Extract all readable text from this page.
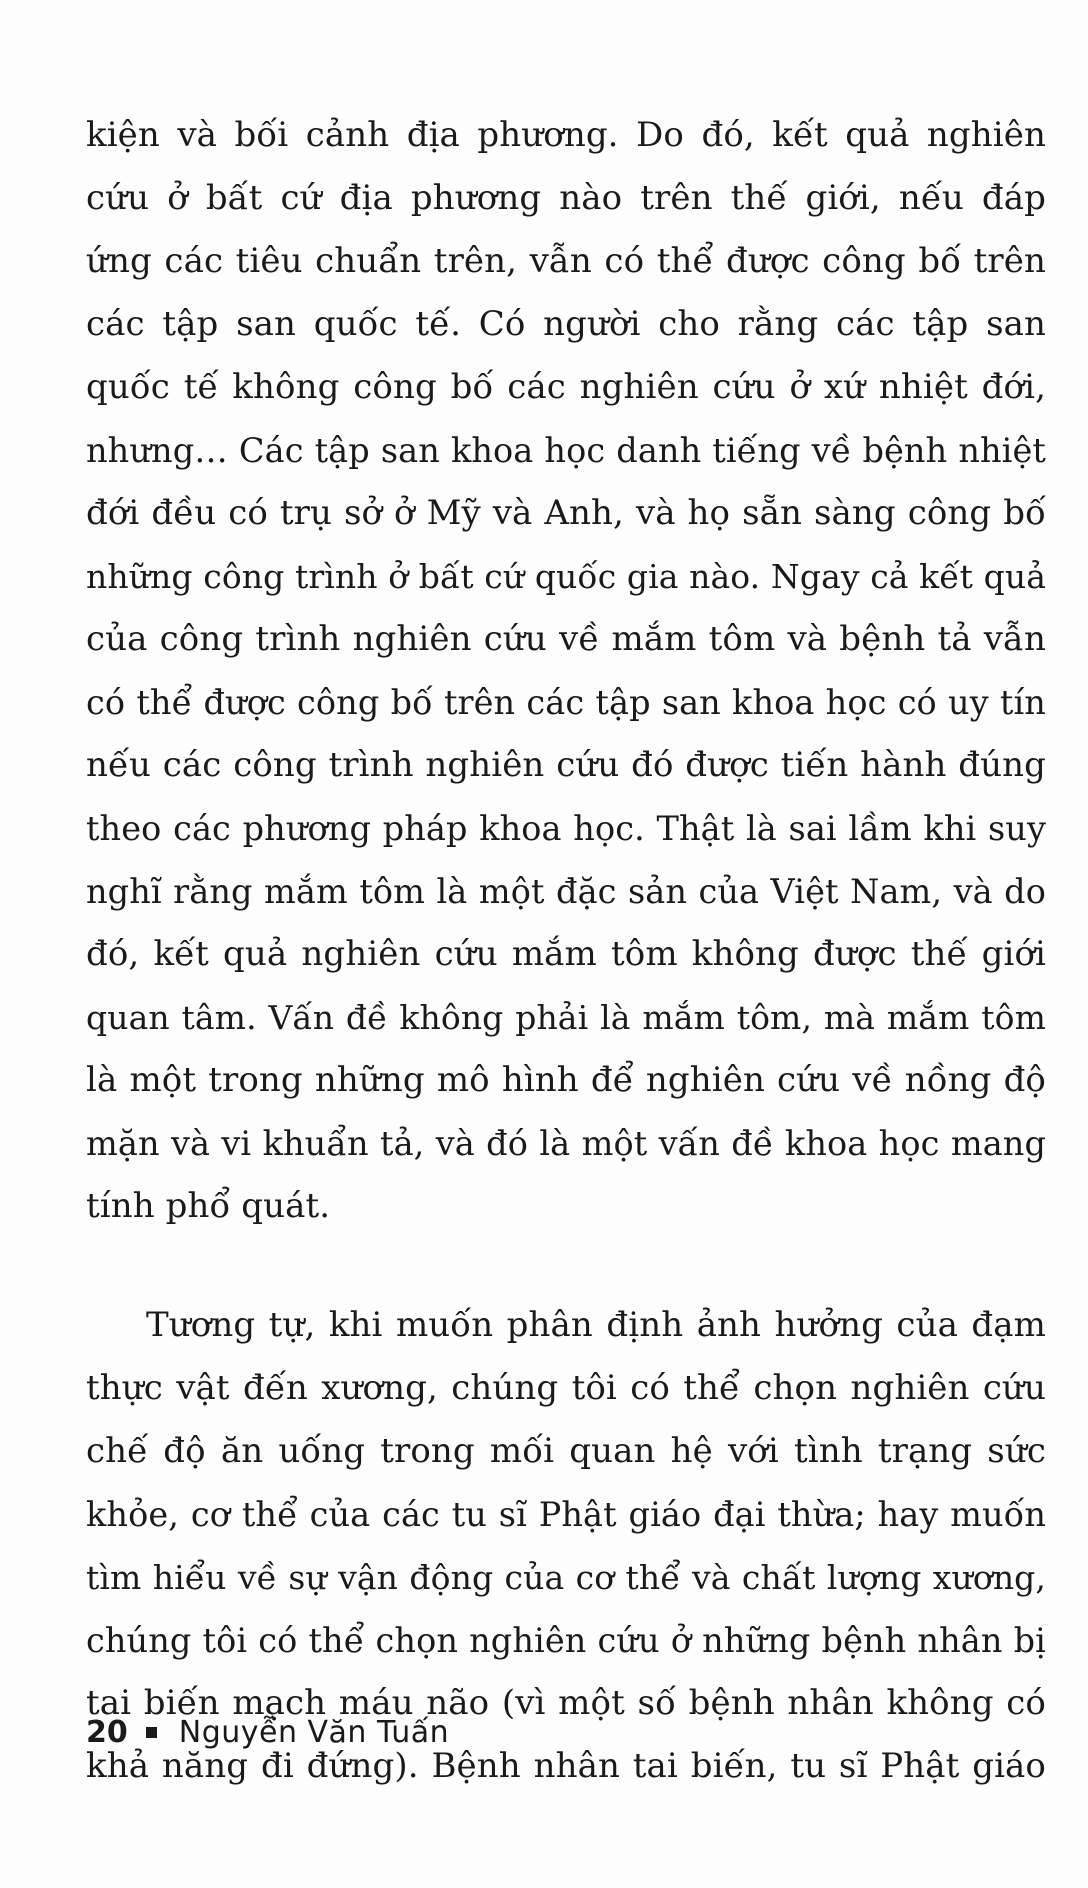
kiện và bối cảnh địa phương. Do đó, kết quả nghiên
cứu ở bất cứ địa phương nào trên thế giới, nếu đáp
ứng các tiêu chuẩn trên, vẫn có thể được công bố trên
các tập san quốc tế. Có người cho rằng các tập san
quốc tế không công bố các nghiên cứu ở xứ nhiệt đới,
nhưng… Các tập san khoa học danh tiếng về bệnh nhiệt
đới đều có trụ sở ở Mỹ và Anh, và họ sẵn sàng công bố
những công trình ở bất cứ quốc gia nào. Ngay cả kết quả
của công trình nghiên cứu về mắm tôm và bệnh tả vẫn
có thể được công bố trên các tập san khoa học có uy tín
nếu các công trình nghiên cứu đó được tiến hành đúng
theo các phương pháp khoa học. Thật là sai lầm khi suy
nghĩ rằng mắm tôm là một đặc sản của Việt Nam, và do
đó, kết quả nghiên cứu mắm tôm không được thế giới
quan tâm. Vấn đề không phải là mắm tôm, mà mắm tôm
là một trong những mô hình để nghiên cứu về nồng độ
mặn và vi khuẩn tả, và đó là một vấn đề khoa học mang
tính phổ quát.
Tương tự, khi muốn phân định ảnh hưởng của đạm
thực vật đến xương, chúng tôi có thể chọn nghiên cứu
chế độ ăn uống trong mối quan hệ với tình trạng sức
khỏe, cơ thể của các tu sĩ Phật giáo đại thừa; hay muốn
tìm hiểu về sự vận động của cơ thể và chất lượng xương,
chúng tôi có thể chọn nghiên cứu ở những bệnh nhân bị
tai biến mạch máu não (vì một số bệnh nhân không có
khả năng đi đứng). Bệnh nhân tai biến, tu sĩ Phật giáo
20 Nguyễn Văn Tuấn
